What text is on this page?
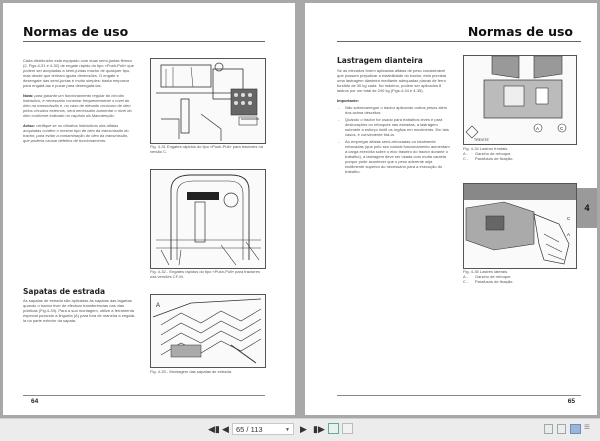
Normas de uso

Cada distribuidor está equipado com duas semi-juntas fêmea (2, Figs.4-31 e 4-32) de engate rápido do tipo «Push-Pull» que podem ser acopladas a semi-juntas macho de qualquer tipo, mas desde que tenham iguais dimensões. O engate e desengate das semi-juntas é muito simples: basta empurrar para engatá-las e puxar para desengatá-las.

Nota: para garantir um funcionamento regular do circuito hidráulico, é necessário controlar frequentemente o nível do óleo na transmissão e, no caso de elevado consumo de óleo pelos circuitos externos, será necessário aumentar o nível do óleo conforme indicado no capítulo da Manutenção.

Aviso: verifique se os cilindros hidráulicos das alfaias acopladas contêm o mesmo tipo de óleo da transmissão do tractor, para evitar a contaminação do óleo da transmissão, que poderia causar defeitos de funcionamento.

Fig. 4-31 Engates rápidos do tipo «Push-Pull» para tractores na versão C.
Fig. 4-32 - Engates rápidos do tipo «Push-Pull» para tractores nas versões CF-M.
Sapatas de estrada
As sapatas de estrada são aplicadas às sapatas das lagartas quando o tractor tiver de efectuar transferências nas vias públicas (Fig.4-33). Para a sua montagem, utilize a ferramenta especial puxando a lingueta (A) para fora de maneira a engatá-la na parte exterior da sapata.
A
Fig. 4-33 - Montagem das sapatas de estrada.
64
Normas de uso
Lastragem dianteira

Se as elevados forem aplicadas alfaias de peso considerável que possam prejudicar a estabilidade do tractor, está prevista uma lastragem dianteira mediante adequadas placas de ferro fundido de 30 kg cada. No máximo, podem ser aplicados 8 lastros por um total de 240 kg (Figs.4-34 e 4-35).

Importante:

- Não sobrecarregue o tractor aplicando outros pesos além dos acima descritos.
- Quando o tractor for usado para trabalhos leves e para deslocações ou reboques nas estradas, a lastragem submete a esforço inútil os órgãos em movimento. Em tais casos, é conveniente tirá-la.
- Ao empregar alfaias semi-rebocadas ou totalmente rebocadas (que pelo seu natural funcionamento aumentam a carga exercida sobre o eixo traseiro do tractor durante o trabalho), a lastragem deve ser usada com muita cautela porque pode acontecer que o peso aderente seja inutilmente superior ao necessário para a execução do trabalho.
A	C
TREVITE
Fig. 4-34 Lastros frontais.
A - Gancho de reboque.
C - Parafusos de fixação.
C
A
Fig. 4-35 Lastres laterais.
A - Gancho de reboque.
C - Parafusos de fixação.
65
4
◀▮ ◀ 65 / 113	▼ ▶ ▮▶	≡
